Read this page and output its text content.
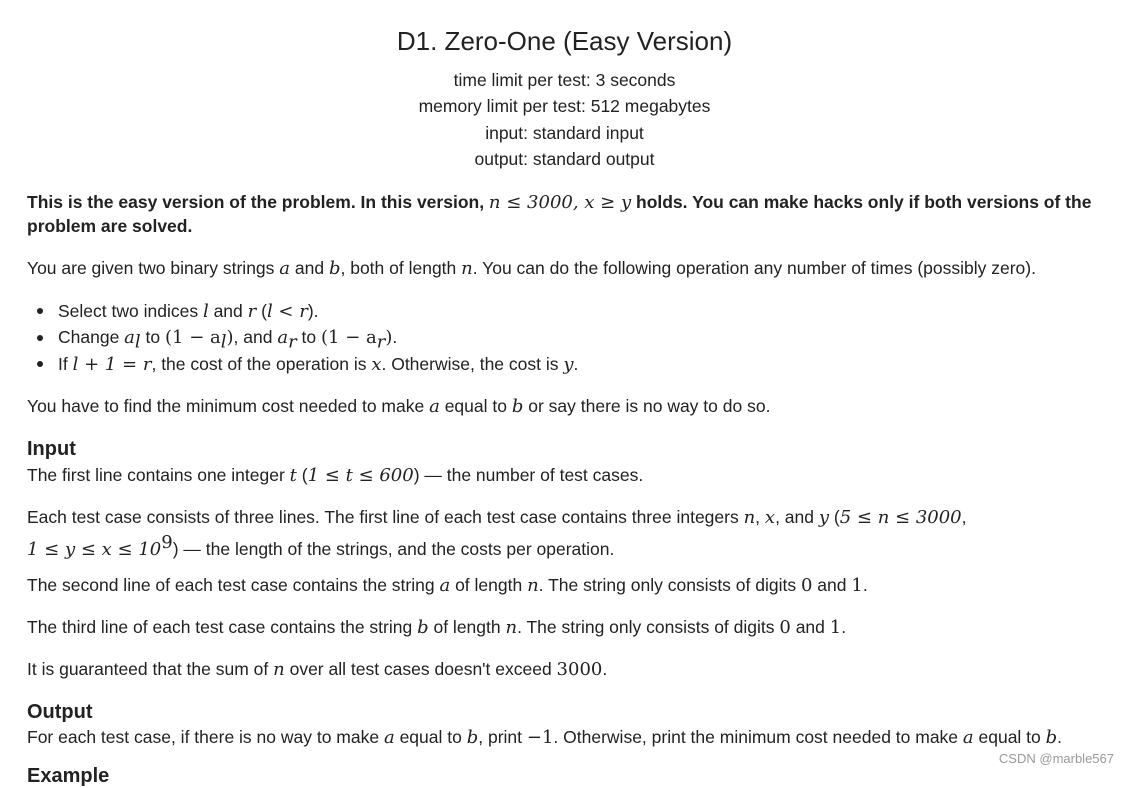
D1. Zero-One (Easy Version)
time limit per test: 3 seconds
memory limit per test: 512 megabytes
input: standard input
output: standard output
This is the easy version of the problem. In this version, n ≤ 3000, x ≥ y holds. You can make hacks only if both versions of the
problem are solved.
You are given two binary strings a and b, both of length n. You can do the following operation any number of times (possibly zero).
Select two indices l and r (l < r).
Change $a_l$ to $(1 - a_l)$, and $a_r$ to $(1 - a_r)$.
If l + 1 = r, the cost of the operation is x. Otherwise, the cost is y.
You have to find the minimum cost needed to make a equal to b or say there is no way to do so.
Input
The first line contains one integer t (1 ≤ t ≤ 600) — the number of test cases.
Each test case consists of three lines. The first line of each test case contains three integers n, x, and y (5 ≤ n ≤ 3000,
$1 \le y \le x \le 10^9$) — the length of the strings, and the costs per operation.
The second line of each test case contains the string a of length n. The string only consists of digits 0 and 1.
The third line of each test case contains the string b of length n. The string only consists of digits 0 and 1.
It is guaranteed that the sum of n over all test cases doesn't exceed 3000.
Output
For each test case, if there is no way to make a equal to b, print −1. Otherwise, print the minimum cost needed to make a equal to b.
Example
CSDN @marble567
